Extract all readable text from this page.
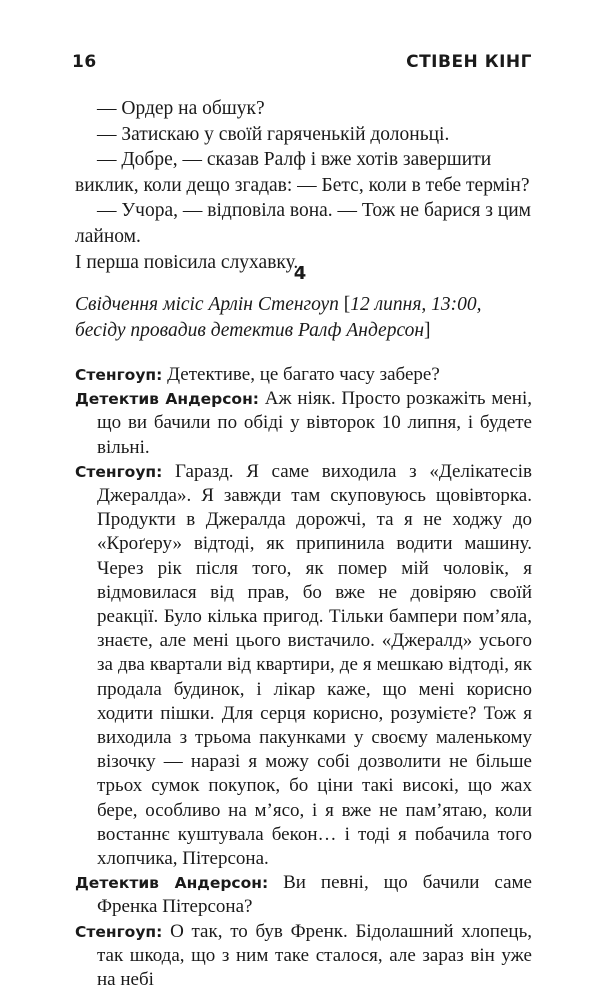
16	СТІВЕН КІНГ

— Ордер на обшук?

— Затискаю у своїй гаряченькій долоньці.

— Добре, — сказав Ралф і вже хотів завершити виклик, коли дещо згадав: — Бетс, коли в тебе термін?

— Учора, — відповіла вона. — Тож не барися з цим лайном.

І перша повісила слухавку.

4
Свідчення місіс Арлін Стенгоуп [12 липня, 13:00, бесіду провадив детектив Ралф Андерсон]

Стенгоуп: Детективе, це багато часу забере?

Детектив Андерсон: Аж ніяк. Просто розкажіть мені, що ви бачили по обіді у вівторок 10 липня, і будете вільні.

Стенгоуп: Гаразд. Я саме виходила з «Делікатесів Джералда». Я завжди там скуповуюсь щовівторка. Продукти в Джералда дорожчі, та я не ходжу до «Кроґеру» відтоді, як припинила водити машину. Через рік після того, як помер мій чоловік, я відмовилася від прав, бо вже не довіряю своїй реакції. Було кілька пригод. Тільки бампери пом’яла, знаєте, але мені цього вистачило. «Джералд» усього за два квартали від квартири, де я мешкаю відтоді, як продала будинок, і лікар каже, що мені корисно ходити пішки. Для серця корисно, розумієте? Тож я виходила з трьома пакунками у своєму маленькому візочку — наразі я можу собі дозволити не більше трьох сумок покупок, бо ціни такі високі, що жах бере, особливо на м’ясо, і я вже не пам’ятаю, коли востаннє куштувала бекон… і тоді я побачила того хлопчика, Пітерсона.

Детектив Андерсон: Ви певні, що бачили саме Френка Пітерсона?

Стенгоуп: О так, то був Френк. Бідолашний хлопець, так шкода, що з ним таке сталося, але зараз він уже на небі
